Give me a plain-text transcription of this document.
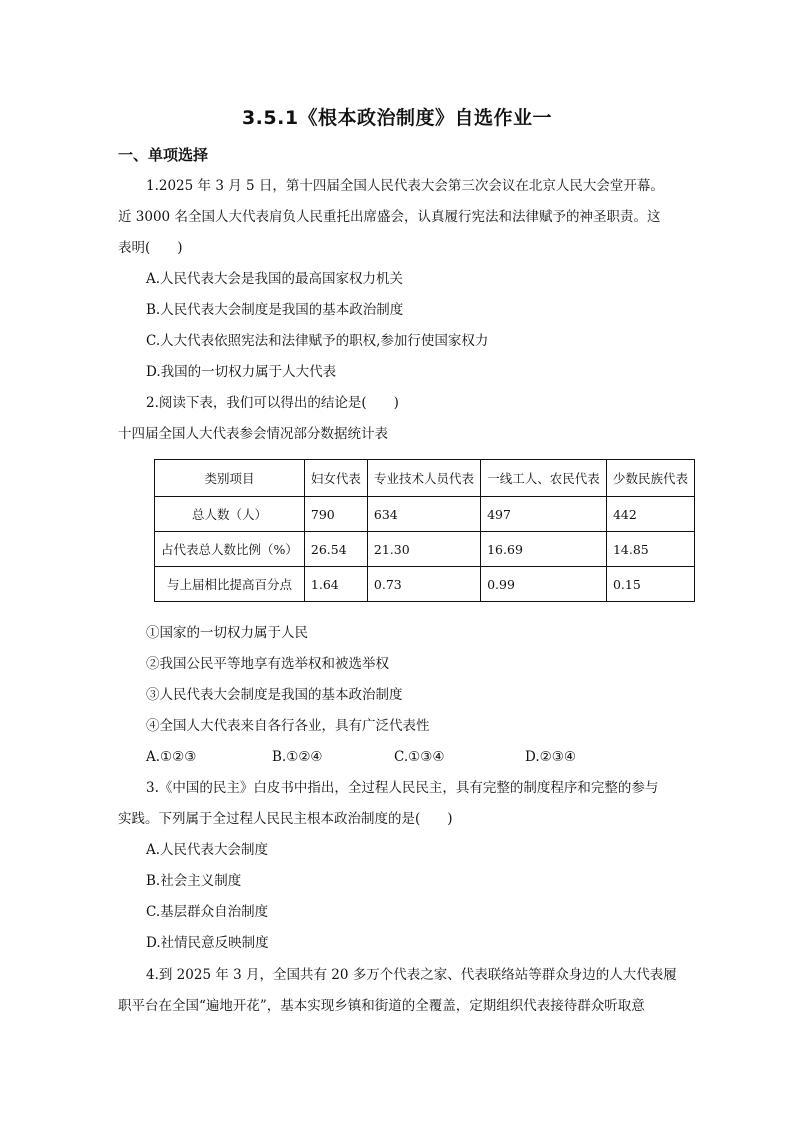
3.5.1《根本政治制度》自选作业一
一、单项选择
1.2025 年 3 月 5 日，第十四届全国人民代表大会第三次会议在北京人民大会堂开幕。
近 3000 名全国人大代表肩负人民重托出席盛会，认真履行宪法和法律赋予的神圣职责。这
表明(　　)
A.人民代表大会是我国的最高国家权力机关
B.人民代表大会制度是我国的基本政治制度
C.人大代表依照宪法和法律赋予的职权,参加行使国家权力
D.我国的一切权力属于人大代表
2.阅读下表，我们可以得出的结论是(　　)
十四届全国人大代表参会情况部分数据统计表
类别项目	妇女代表	专业技术人员代表	一线工人、农民代表	少数民族代表
总人数（人）	790	634	497	442
占代表总人数比例（%）	26.54	21.30	16.69	14.85
与上届相比提高百分点	1.64	0.73	0.99	0.15
①国家的一切权力属于人民
②我国公民平等地享有选举权和被选举权
③人民代表大会制度是我国的基本政治制度
④全国人大代表来自各行各业，具有广泛代表性
A.①②③	B.①②④	C.①③④	D.②③④
3.《中国的民主》白皮书中指出，全过程人民民主，具有完整的制度程序和完整的参与
实践。下列属于全过程人民民主根本政治制度的是(　　)
A.人民代表大会制度
B.社会主义制度
C.基层群众自治制度
D.社情民意反映制度
4.到 2025 年 3 月，全国共有 20 多万个代表之家、代表联络站等群众身边的人大代表履
职平台在全国“遍地开花”，基本实现乡镇和街道的全覆盖，定期组织代表接待群众听取意
